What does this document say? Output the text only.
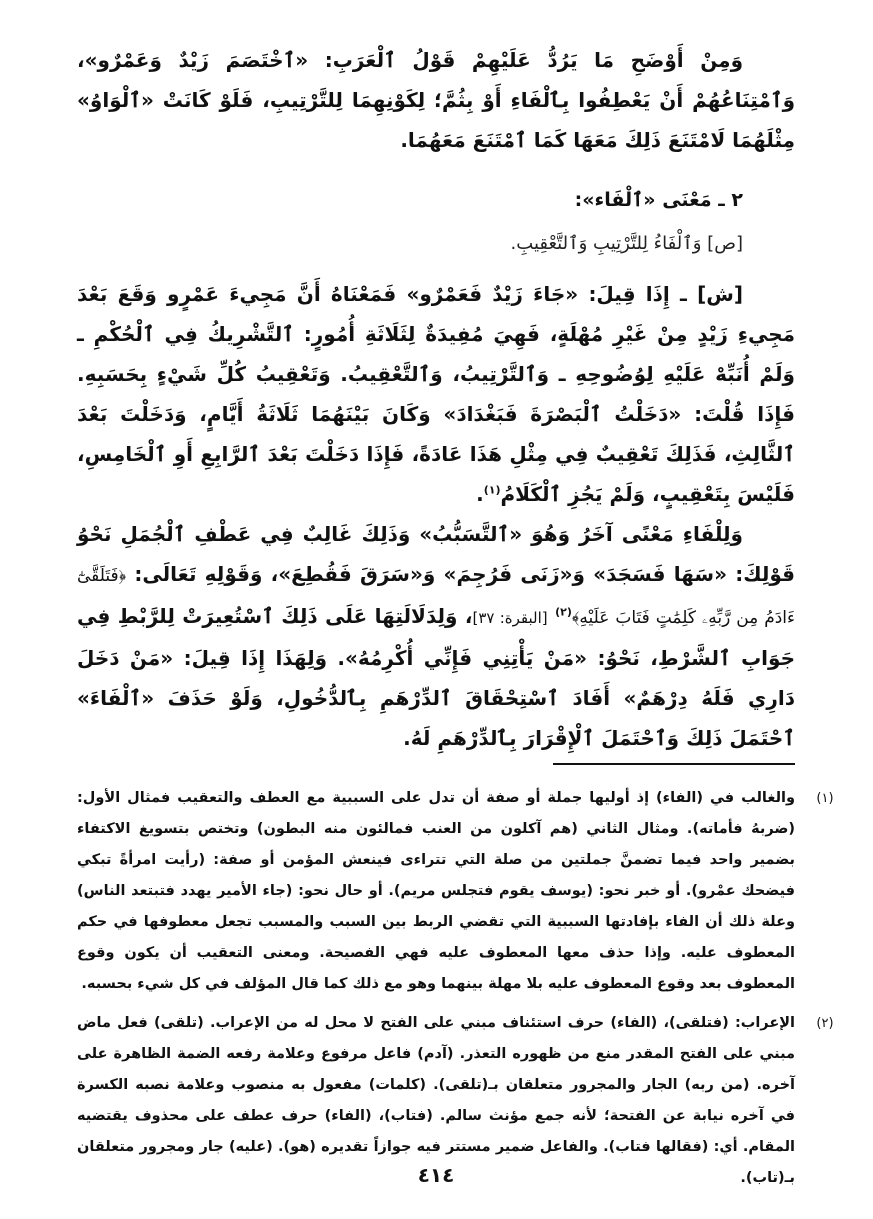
وَمِنْ أَوْضَحِ مَا يَرُدُّ عَلَيْهِمْ قَوْلُ ٱلْعَرَبِ: «ٱخْتَصَمَ زَيْدٌ وَعَمْرٌو»، وَٱمْتِنَاعُهُمْ أَنْ يَعْطِفُوا بِٱلْفَاءِ أَوْ بِثُمَّ؛ لِكَوْنِهِمَا لِلتَّرْتِيبِ، فَلَوْ كَانَتْ «ٱلْوَاوُ» مِثْلَهُمَا لَامْتَنَعَ ذَلِكَ مَعَهَا كَمَا ٱمْتَنَعَ مَعَهُمَا.

٢ ـ مَعْنَى «ٱلْفَاء»:

[ص] وَٱلْفَاءُ لِلتَّرْتِيبِ وَٱلتَّعْقِيبِ.

[ش] ـ إِذَا قِيلَ: «جَاءَ زَيْدٌ فَعَمْرٌو» فَمَعْنَاهُ أَنَّ مَجِيءَ عَمْرٍو وَقَعَ بَعْدَ مَجِيءِ زَيْدٍ مِنْ غَيْرِ مُهْلَةٍ، فَهِيَ مُفِيدَةٌ لِثَلَاثَةِ أُمُورٍ: ٱلتَّشْرِيكُ فِي ٱلْحُكْمِ ـ وَلَمْ أُنَبِّهْ عَلَيْهِ لِوُضُوحِهِ ـ وَٱلتَّرْتِيبُ، وَٱلتَّعْقِيبُ. وَتَعْقِيبُ كُلِّ شَيْءٍ بِحَسَبِهِ. فَإِذَا قُلْتَ: «دَخَلْتُ ٱلْبَصْرَةَ فَبَغْدَادَ» وَكَانَ بَيْنَهُمَا ثَلَاثَةُ أَيَّامٍ، وَدَخَلْتَ بَعْدَ ٱلثَّالِثِ، فَذَلِكَ تَعْقِيبٌ فِي مِثْلِ هَذَا عَادَةً، فَإِذَا دَخَلْتَ بَعْدَ ٱلرَّابِعِ أَوِ ٱلْخَامِسِ، فَلَيْسَ بِتَعْقِيبٍ، وَلَمْ يَجُزِ ٱلْكَلَامُ$^{(١)}$.

وَلِلْفَاءِ مَعْنًى آخَرُ وَهُوَ «ٱلتَّسَبُّبُ» وَذَلِكَ غَالِبٌ فِي عَطْفِ ٱلْجُمَلِ نَحْوُ قَوْلِكَ: «سَهَا فَسَجَدَ» وَ«زَنَى فَرُجِمَ» وَ«سَرَقَ فَقُطِعَ»، وَقَوْلِهِ تَعَالَى: ﴿فَتَلَقَّىٰٓ ءَادَمُ مِن رَّبِّهِۦ كَلِمَٰتٍ فَتَابَ عَلَيْهِ﴾$^{(٢)}$ [البقرة: ٣٧]، وَلِدَلَالَتِهَا عَلَى ذَلِكَ ٱسْتُعِيرَتْ لِلرَّبْطِ فِي جَوَابِ ٱلشَّرْطِ، نَحْوُ: «مَنْ يَأْتِنِي فَإِنِّي أُكْرِمُهُ». وَلِهَذَا إِذَا قِيلَ: «مَنْ دَخَلَ دَارِي فَلَهُ دِرْهَمٌ» أَفَادَ ٱسْتِحْقَاقَ ٱلدِّرْهَمِ بِٱلدُّخُولِ، وَلَوْ حَذَفَ «ٱلْفَاءَ» ٱحْتَمَلَ ذَلِكَ وَٱحْتَمَلَ ٱلْإِقْرَارَ بِٱلدِّرْهَمِ لَهُ.

(١)
والغالب في (الفاء) إذ أوليها جملة أو صفة أن تدل على السببية مع العطف والتعقيب فمثال الأول: (ضربهُ فأماته). ومثال الثاني (هم آكلون من العنب فمالئون منه البطون) وتختص بتسويغ الاكتفاء بضمير واحد فيما تضمنَّ جملتين من صلة التي تتراءى فينعش المؤمن أو صفة: (رأيت امرأةً تبكي فيضحك عمْرو). أو خبر نحو: (يوسف يقوم فتجلس مريم). أو حال نحو: (جاء الأمير يهدد فتبتعد الناس) وعلة ذلك أن الفاء بإفادتها السببية التي تقضي الربط بين السبب والمسبب تجعل معطوفها في حكم المعطوف عليه. وإذا حذف معها المعطوف عليه فهي الفصيحة. ومعنى التعقيب أن يكون وقوع المعطوف بعد وقوع المعطوف عليه بلا مهلة بينهما وهو مع ذلك كما قال المؤلف في كل شيء بحسبه.
(٢)
الإعراب: (فتلقى)، (الفاء) حرف استئناف مبني على الفتح لا محل له من الإعراب. (تلقى) فعل ماض مبني على الفتح المقدر منع من ظهوره التعذر. (آدم) فاعل مرفوع وعلامة رفعه الضمة الظاهرة على آخره. (من ربه) الجار والمجرور متعلقان بـ(تلقى). (كلمات) مفعول به منصوب وعلامة نصبه الكسرة في آخره نيابة عن الفتحة؛ لأنه جمع مؤنث سالم. (فتاب)، (الفاء) حرف عطف على محذوف يقتضيه المقام. أي: (فقالها فتاب). والفاعل ضمير مستتر فيه جوازاً تقديره (هو). (عليه) جار ومجرور متعلقان بـ(تاب).
٤١٤
